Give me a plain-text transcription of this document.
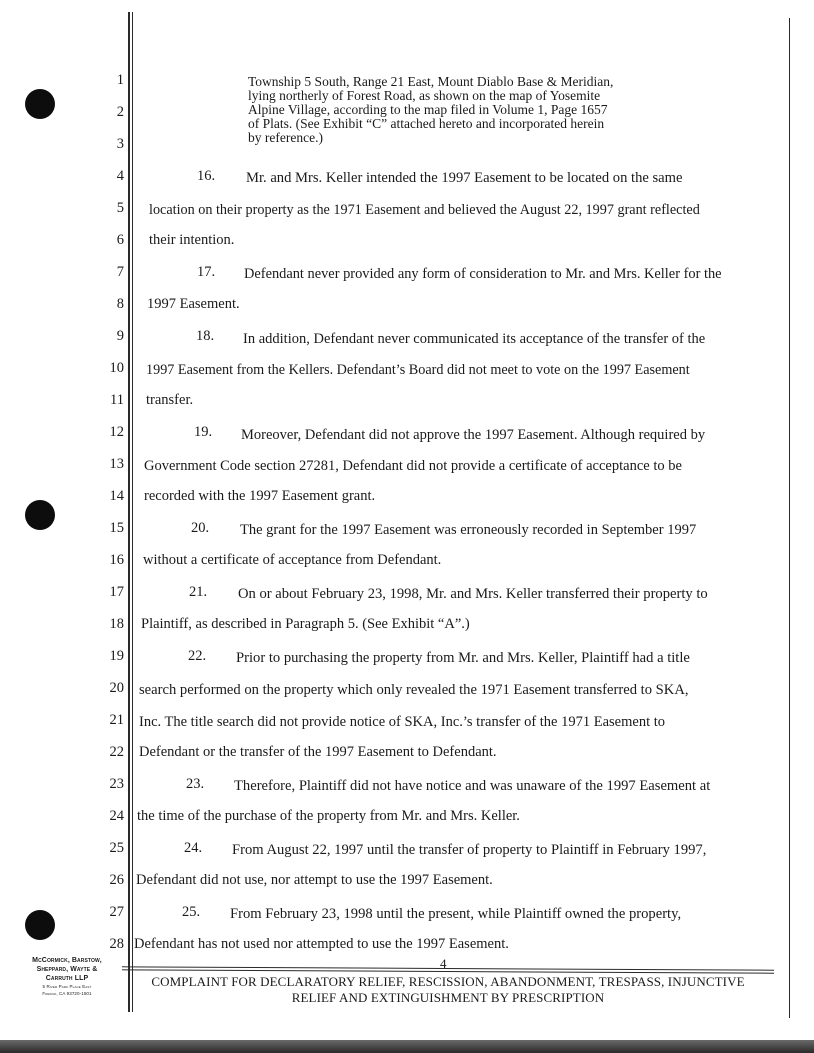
1
2
3
4
5
6
7
8
9
10
11
12
13
14
15
16
17
18
19
20
21
22
23
24
25
26
27
28
Township 5 South, Range 21 East, Mount Diablo Base & Meridian,
lying northerly of Forest Road, as shown on the map of Yosemite
Alpine Village, according to the map filed in Volume 1, Page 1657
of Plats. (See Exhibit “C” attached hereto and incorporated herein
by reference.)
16. Mr. and Mrs. Keller intended the 1997 Easement to be located on the same
location on their property as the 1971 Easement and believed the August 22, 1997 grant reflected
their intention.
17. Defendant never provided any form of consideration to Mr. and Mrs. Keller for the
1997 Easement.
18. In addition, Defendant never communicated its acceptance of the transfer of the
1997 Easement from the Kellers. Defendant’s Board did not meet to vote on the 1997 Easement
transfer.
19. Moreover, Defendant did not approve the 1997 Easement. Although required by
Government Code section 27281, Defendant did not provide a certificate of acceptance to be
recorded with the 1997 Easement grant.
20. The grant for the 1997 Easement was erroneously recorded in September 1997
without a certificate of acceptance from Defendant.
21. On or about February 23, 1998, Mr. and Mrs. Keller transferred their property to
Plaintiff, as described in Paragraph 5. (See Exhibit “A”.)
22. Prior to purchasing the property from Mr. and Mrs. Keller, Plaintiff had a title
search performed on the property which only revealed the 1971 Easement transferred to SKA,
Inc. The title search did not provide notice of SKA, Inc.’s transfer of the 1971 Easement to
Defendant or the transfer of the 1997 Easement to Defendant.
23. Therefore, Plaintiff did not have notice and was unaware of the 1997 Easement at
the time of the purchase of the property from Mr. and Mrs. Keller.
24. From August 22, 1997 until the transfer of property to Plaintiff in February 1997,
Defendant did not use, nor attempt to use the 1997 Easement.
25. From February 23, 1998 until the present, while Plaintiff owned the property,
Defendant has not used nor attempted to use the 1997 Easement.
McCormick, Barstow,
Sheppard, Wayte &
Carruth LLP
5 River Park Place East
Fresno, CA 93720-1501
4
COMPLAINT FOR DECLARATORY RELIEF, RESCISSION, ABANDONMENT, TRESPASS, INJUNCTIVE
RELIEF AND EXTINGUISHMENT BY PRESCRIPTION
